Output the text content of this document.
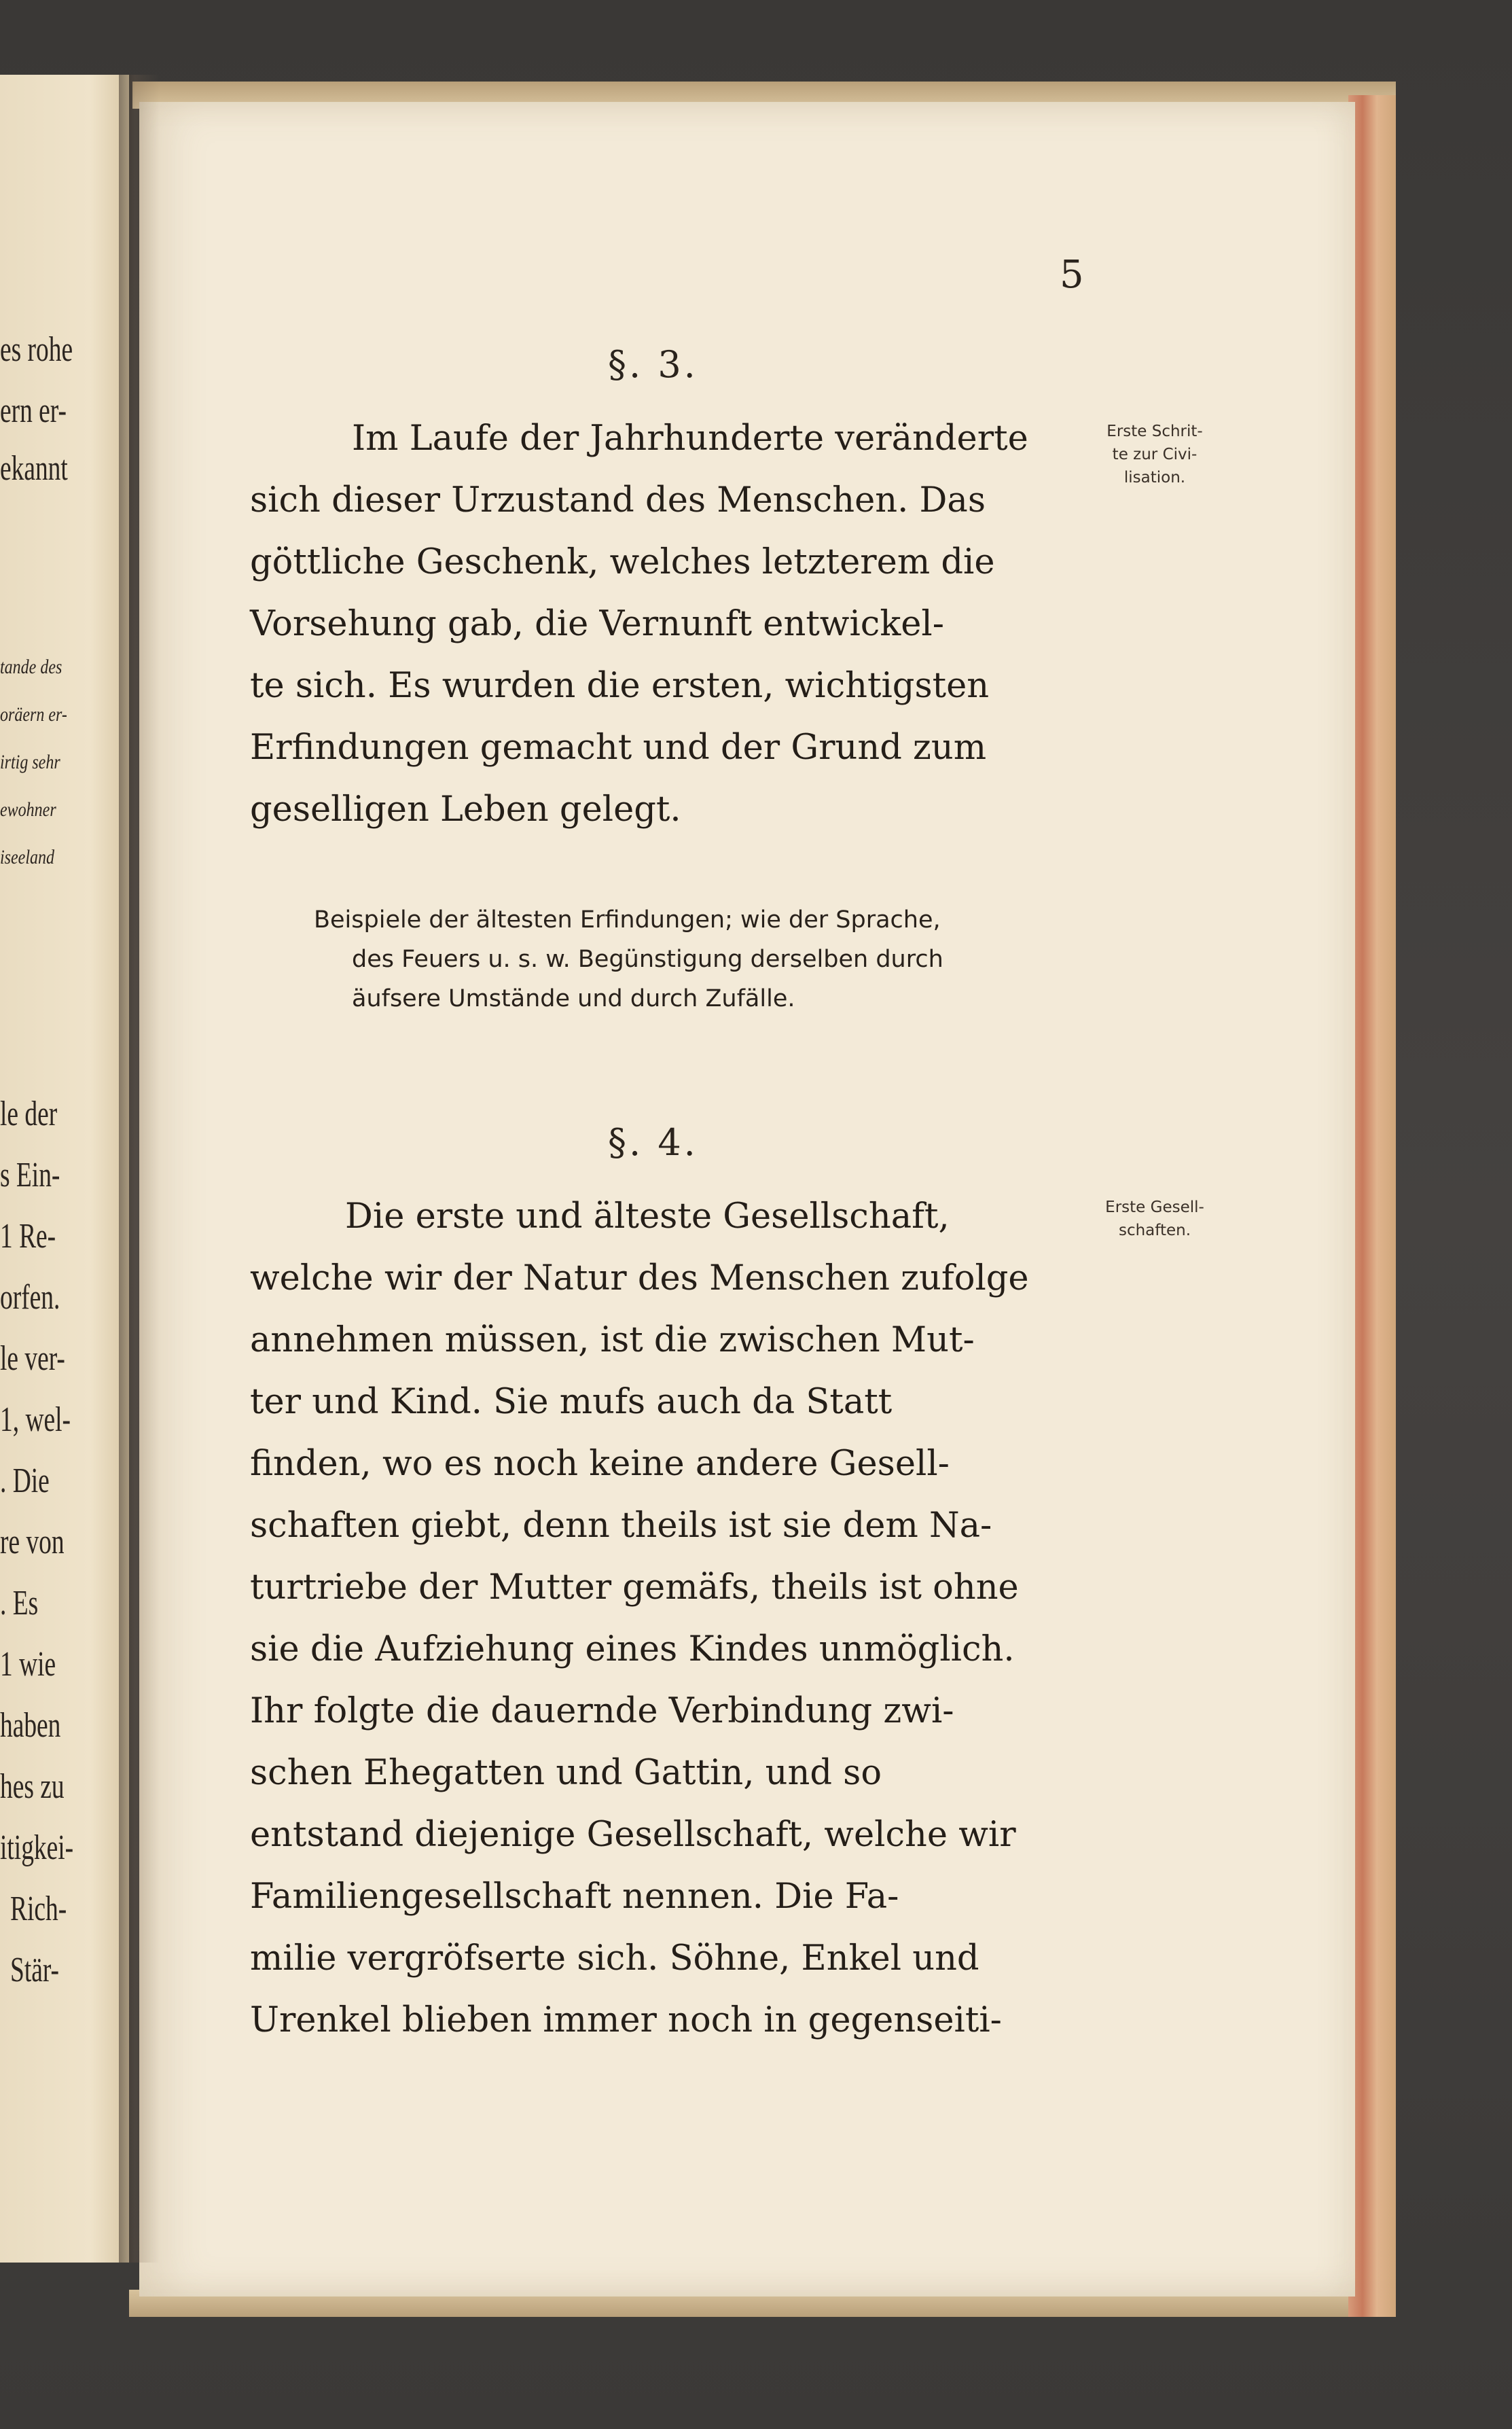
es rohe
ern er-
ekannt
tande des
oräern er-
irtig sehr
ewohner
iseeland
le der
s Ein-
1 Re-
orfen.
le ver-
1, wel-
. Die
re von
. Es
1 wie
haben
hes zu
itigkei-
Rich-
Stär-
5
§. 3.
Erste Schrit-
te zur Civi-
lisation.
Im Laufe der Jahrhunderte veränderte
sich dieser Urzustand des Menschen. Das
göttliche Geschenk, welches letzterem die
Vorsehung gab, die Vernunft entwickel-
te sich. Es wurden die ersten, wichtigsten
Erfindungen gemacht und der Grund zum
geselligen Leben gelegt.
Beispiele der ältesten Erfindungen; wie der Sprache,
des Feuers u. s. w. Begünstigung derselben durch
äufsere Umstände und durch Zufälle.
§. 4.
Erste Gesell-
schaften.
Die erste und älteste Gesellschaft,
welche wir der Natur des Menschen zufolge
annehmen müssen, ist die zwischen Mut-
ter und Kind. Sie mufs auch da Statt
finden, wo es noch keine andere Gesell-
schaften giebt, denn theils ist sie dem Na-
turtriebe der Mutter gemäfs, theils ist ohne
sie die Aufziehung eines Kindes unmöglich.
Ihr folgte die dauernde Verbindung zwi-
schen Ehegatten und Gattin, und so
entstand diejenige Gesellschaft, welche wir
Familiengesellschaft nennen. Die Fa-
milie vergröfserte sich. Söhne, Enkel und
Urenkel blieben immer noch in gegenseiti-
